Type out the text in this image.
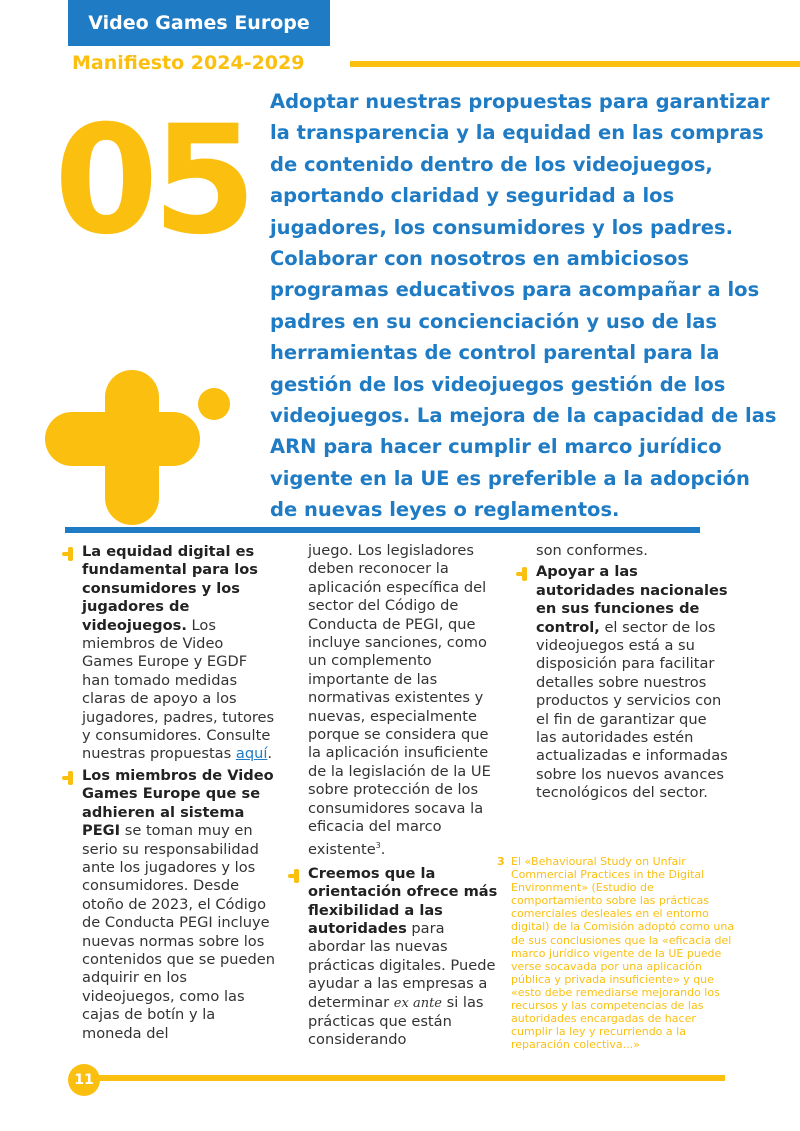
Video Games Europe
Manifiesto 2024-2029
05 Adoptar nuestras propuestas para garantizar la transparencia y la equidad en las compras de contenido dentro de los videojuegos, aportando claridad y seguridad a los jugadores, los consumidores y los padres. Colaborar con nosotros en ambiciosos programas educativos para acompañar a los padres en su concienciación y uso de las herramientas de control parental para la gestión de los videojuegos gestión de los videojuegos. La mejora de la capacidad de las ARN para hacer cumplir el marco jurídico vigente en la UE es preferible a la adopción de nuevas leyes o reglamentos.
La equidad digital es fundamental para los consumidores y los jugadores de videojuegos. Los miembros de Video Games Europe y EGDF han tomado medidas claras de apoyo a los jugadores, padres, tutores y consumidores. Consulte nuestras propuestas aquí.
Los miembros de Video Games Europe que se adhieren al sistema PEGI se toman muy en serio su responsabilidad ante los jugadores y los consumidores. Desde otoño de 2023, el Código de Conducta PEGI incluye nuevas normas sobre los contenidos que se pueden adquirir en los videojuegos, como las cajas de botín y la moneda del
juego. Los legisladores deben reconocer la aplicación específica del sector del Código de Conducta de PEGI, que incluye sanciones, como un complemento importante de las normativas existentes y nuevas, especialmente porque se considera que la aplicación insuficiente de la legislación de la UE sobre protección de los consumidores socava la eficacia del marco existente$^3$.
Creemos que la orientación ofrece más flexibilidad a las autoridades para abordar las nuevas prácticas digitales. Puede ayudar a las empresas a determinar ex ante si las prácticas que están considerando
son conformes.
Apoyar a las autoridades nacionales en sus funciones de control, el sector de los videojuegos está a su disposición para facilitar detalles sobre nuestros productos y servicios con el fin de garantizar que las autoridades estén actualizadas e informadas sobre los nuevos avances tecnológicos del sector.
3 El «Behavioural Study on Unfair Commercial Practices in the Digital Environment» (Estudio de comportamiento sobre las prácticas comerciales desleales en el entorno digital) de la Comisión adoptó como una de sus conclusiones que la «eficacia del marco jurídico vigente de la UE puede verse socavada por una aplicación pública y privada insuficiente» y que «esto debe remediarse mejorando los recursos y las competencias de las autoridades encargadas de hacer cumplir la ley y recurriendo a la reparación colectiva...»
11
